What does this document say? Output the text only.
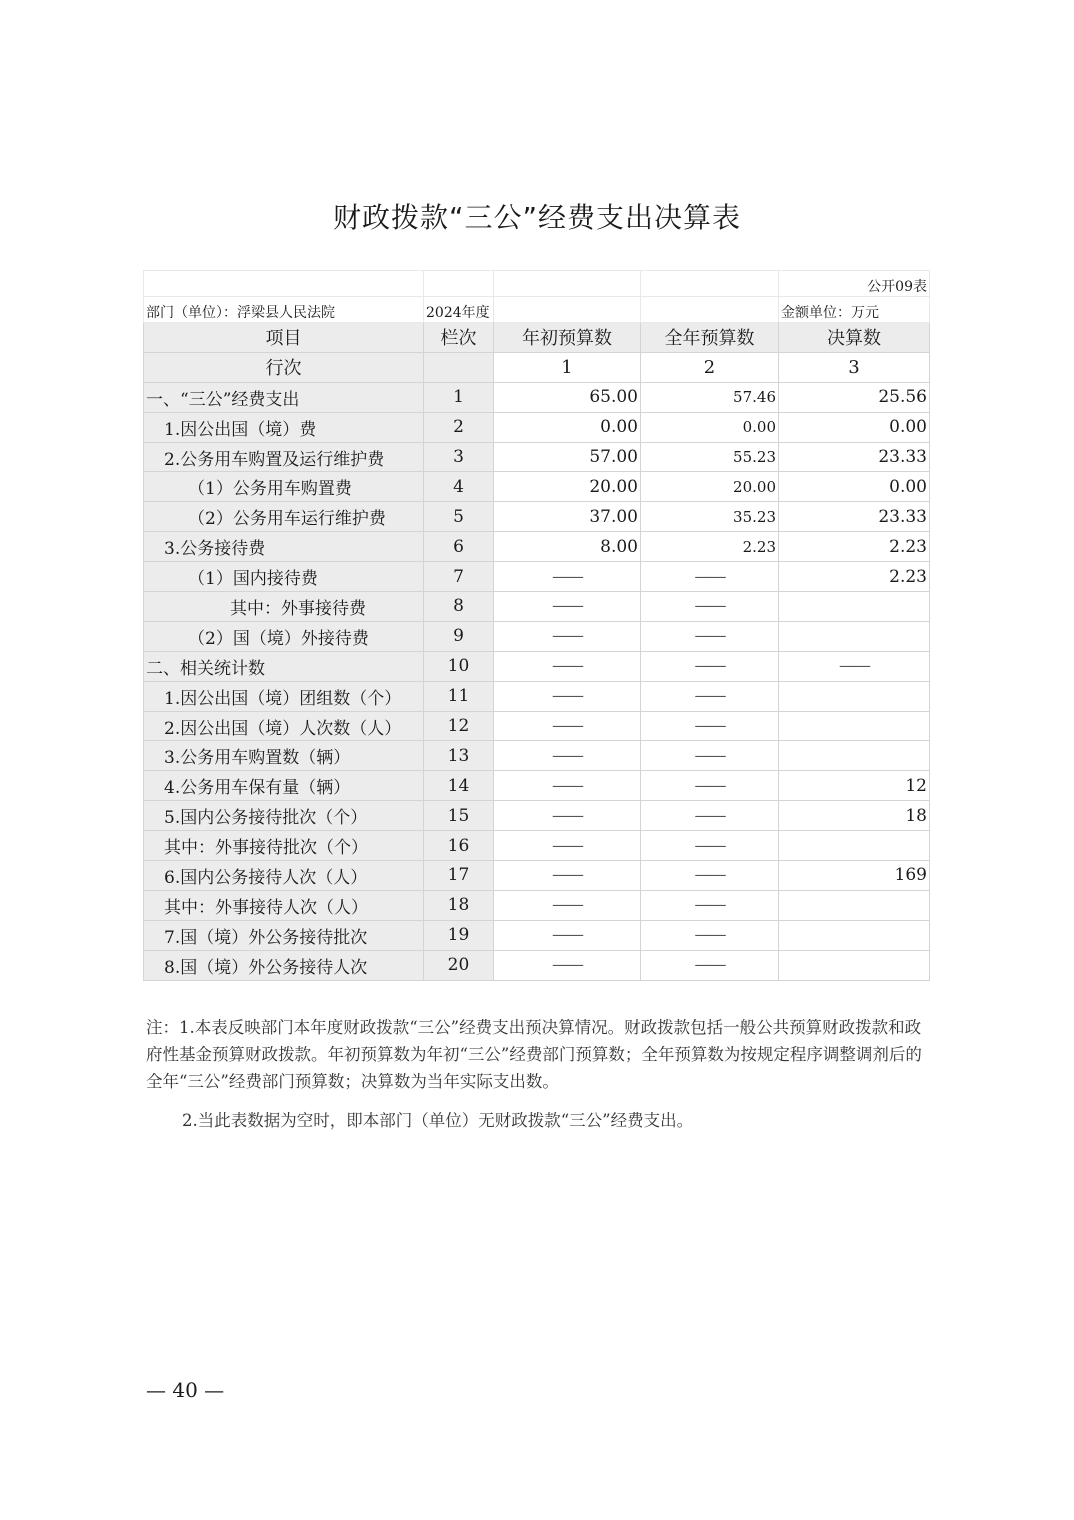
财政拨款“三公”经费支出决算表
				公开09表
部门（单位）：浮梁县人民法院	2024年度			金额单位：万元
项目	栏次	年初预算数	全年预算数	决算数
行次		1	2	3
一、“三公”经费支出	1	65.00	57.46	25.56
1.因公出国（境）费	2	0.00	0.00	0.00
2.公务用车购置及运行维护费	3	57.00	55.23	23.33
（1）公务用车购置费	4	20.00	20.00	0.00
（2）公务用车运行维护费	5	37.00	35.23	23.33
3.公务接待费	6	8.00	2.23	2.23
（1）国内接待费	7	——	——	2.23
其中：外事接待费	8	——	——	
（2）国（境）外接待费	9	——	——	
二、相关统计数	10	——	——	——
1.因公出国（境）团组数（个）	11	——	——	
2.因公出国（境）人次数（人）	12	——	——	
3.公务用车购置数（辆）	13	——	——	
4.公务用车保有量（辆）	14	——	——	12
5.国内公务接待批次（个）	15	——	——	18
其中：外事接待批次（个）	16	——	——	
6.国内公务接待人次（人）	17	——	——	169
其中：外事接待人次（人）	18	——	——	
7.国（境）外公务接待批次	19	——	——	
8.国（境）外公务接待人次	20	——	——	

注：1.本表反映部门本年度财政拨款“三公”经费支出预决算情况。财政拨款包括一般公共预算财政拨款和政府性基金预算财政拨款。年初预算数为年初“三公”经费部门预算数；全年预算数为按规定程序调整调剂后的全年“三公”经费部门预算数；决算数为当年实际支出数。

2.当此表数据为空时，即本部门（单位）无财政拨款“三公”经费支出。

— 40 —
